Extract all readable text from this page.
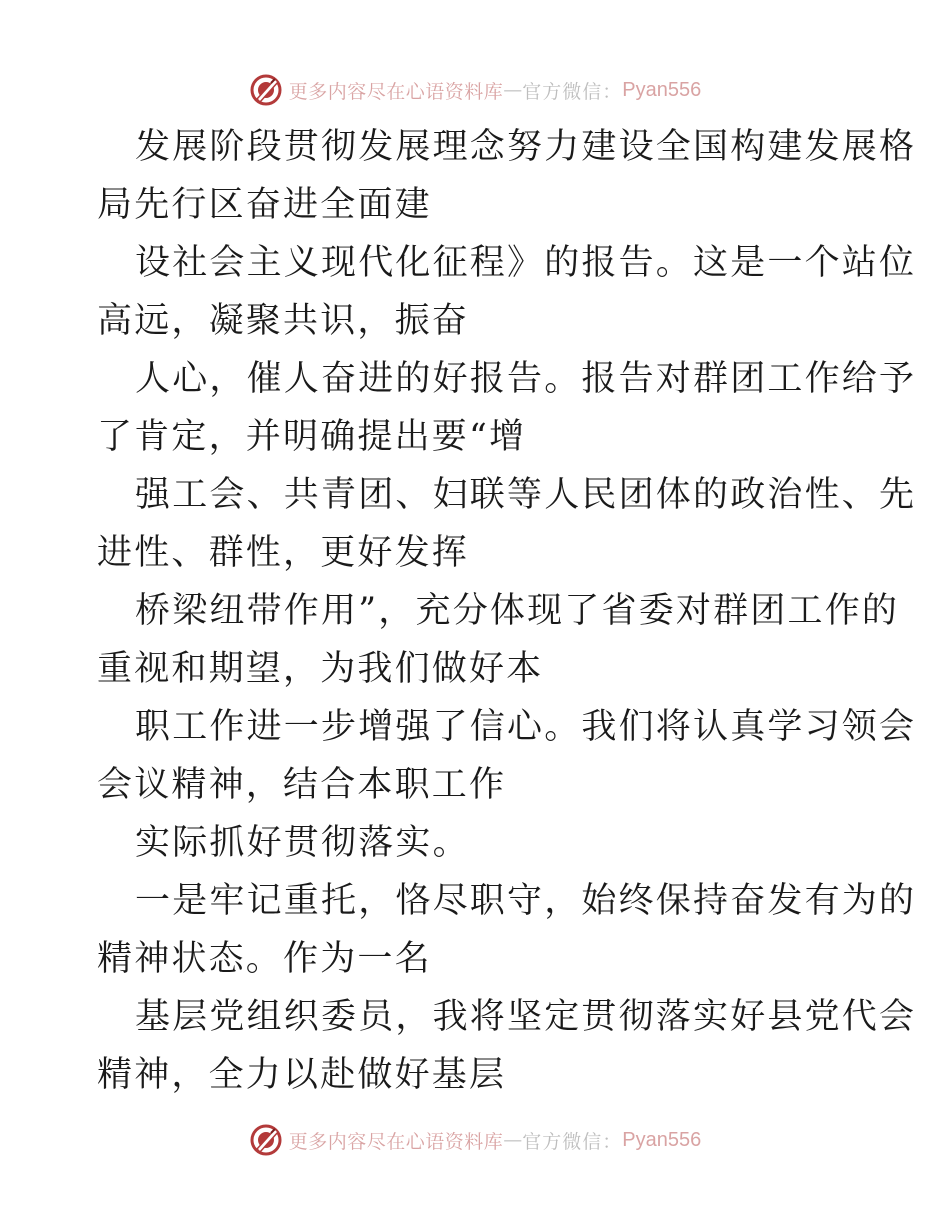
更多内容尽在心语资料库 — 官方微信： Pyan556
发展阶段贯彻发展理念努力建设全国构建发展格
局先行区奋进全面建
设社会主义现代化征程》的报告。这是一个站位
高远，凝聚共识，振奋
人心，催人奋进的好报告。报告对群团工作给予
了肯定，并明确提出要“增
强工会、共青团、妇联等人民团体的政治性、先
进性、群性，更好发挥
桥梁纽带作用”，充分体现了省委对群团工作的
重视和期望，为我们做好本
职工作进一步增强了信心。我们将认真学习领会
会议精神，结合本职工作
实际抓好贯彻落实。
一是牢记重托，恪尽职守，始终保持奋发有为的
精神状态。作为一名
基层党组织委员，我将坚定贯彻落实好县党代会
精神，全力以赴做好基层
更多内容尽在心语资料库 — 官方微信： Pyan556
